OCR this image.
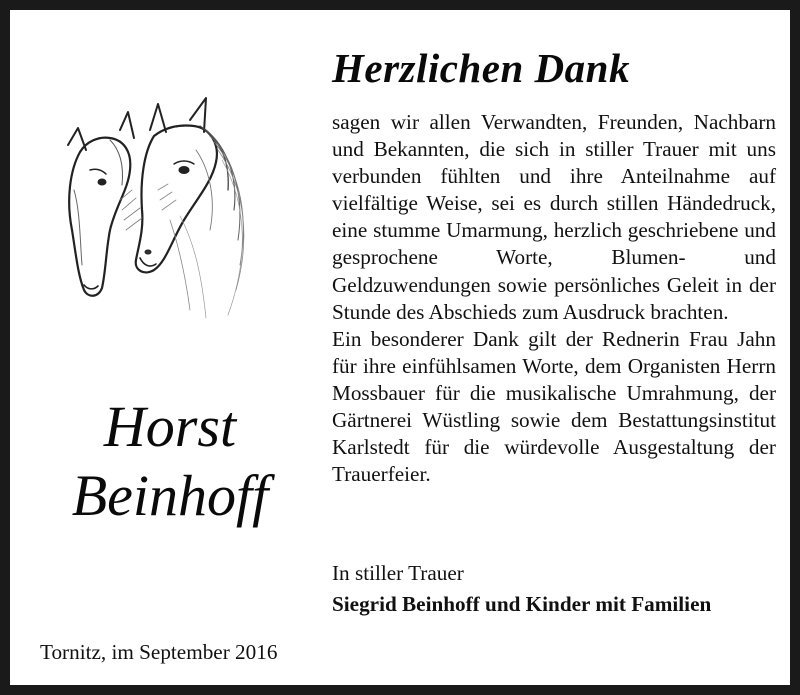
Horst
Beinhoff
Herzlichen Dank

sagen wir allen Verwandten, Freunden, Nachbarn und Bekannten, die sich in stiller Trauer mit uns verbunden fühlten und ihre Anteilnahme auf vielfältige Weise, sei es durch stillen Händedruck, eine stumme Umarmung, herzlich geschriebene und gesprochene Worte, Blumen- und Geldzuwendungen sowie persönliches Geleit in der Stunde des Abschieds zum Ausdruck brachten.

Ein besonderer Dank gilt der Rednerin Frau Jahn für ihre einfühlsamen Worte, dem Organisten Herrn Mossbauer für die musikalische Umrahmung, der Gärtnerei Wüstling sowie dem Bestattungsinstitut Karlstedt für die würdevolle Ausgestaltung der Trauerfeier.

In stiller Trauer
Siegrid Beinhoff und Kinder mit Familien
Tornitz, im September 2016
